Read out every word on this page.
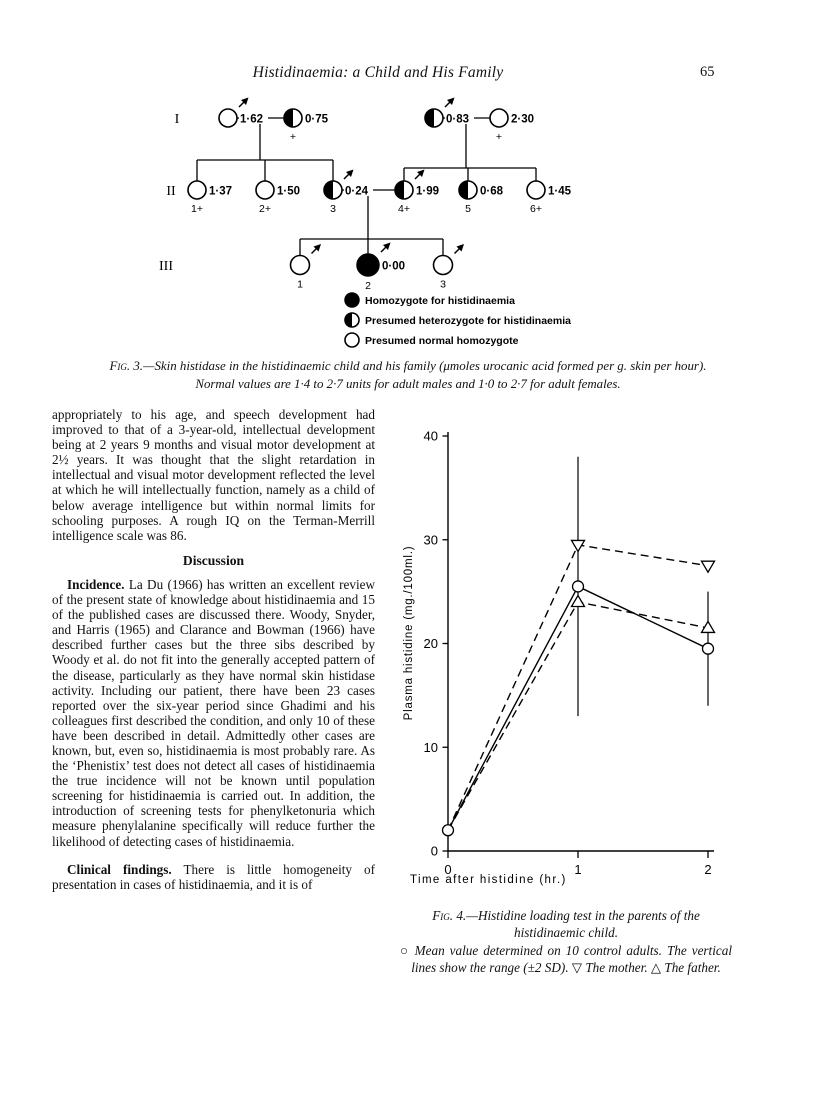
Histidinaemia: a Child and His Family	65
1·62	0·75
+
0·83	2·30
+
1·37
1+
1·50
2+
0·24
3
1·99
4+
0·68
5
1·45
6+
1
0·00
2	3
I
II
III
Homozygote for histidinaemia
Presumed heterozygote for histidinaemia
Presumed normal homozygote
Fig. 3.—Skin histidase in the histidinaemic child and his family (μmoles urocanic acid formed per g. skin per hour).
Normal values are 1·4 to 2·7 units for adult males and 1·0 to 2·7 for adult females.

appropriately to his age, and speech development had improved to that of a 3-year-old, intellectual development being at 2 years 9 months and visual motor development at 2½ years. It was thought that the slight retardation in intellectual and visual motor development reflected the level at which he will intellectually function, namely as a child of below average intelligence but within normal limits for schooling purposes. A rough IQ on the Terman-Merrill intelligence scale was 86.

Discussion

Incidence. La Du (1966) has written an excellent review of the present state of knowledge about histidinaemia and 15 of the published cases are discussed there. Woody, Snyder, and Harris (1965) and Clarance and Bowman (1966) have described further cases but the three sibs described by Woody et al. do not fit into the generally accepted pattern of the disease, particularly as they have normal skin histidase activity. Including our patient, there have been 23 cases reported over the six-year period since Ghadimi and his colleagues first described the condition, and only 10 of these have been described in detail. Admittedly other cases are known, but, even so, histidinaemia is most probably rare. As the ‘Phenistix’ test does not detect all cases of histidinaemia the true incidence will not be known until population screening for histidinaemia is carried out. In addition, the introduction of screening tests for phenylketonuria which measure phenylalanine specifically will reduce further the likelihood of detecting cases of histidinaemia.

Clinical findings. There is little homogeneity of presentation in cases of histidinaemia, and it is of

0
10
20
30
40
0	1	2
Plasma histidine (mg./100ml.)
Time after histidine (hr.)
Fig. 4.—Histidine loading test in the parents of the histidinaemic child.
○ Mean value determined on 10 control adults. The vertical lines show the range (±2 SD). ▽ The mother. △ The father.
